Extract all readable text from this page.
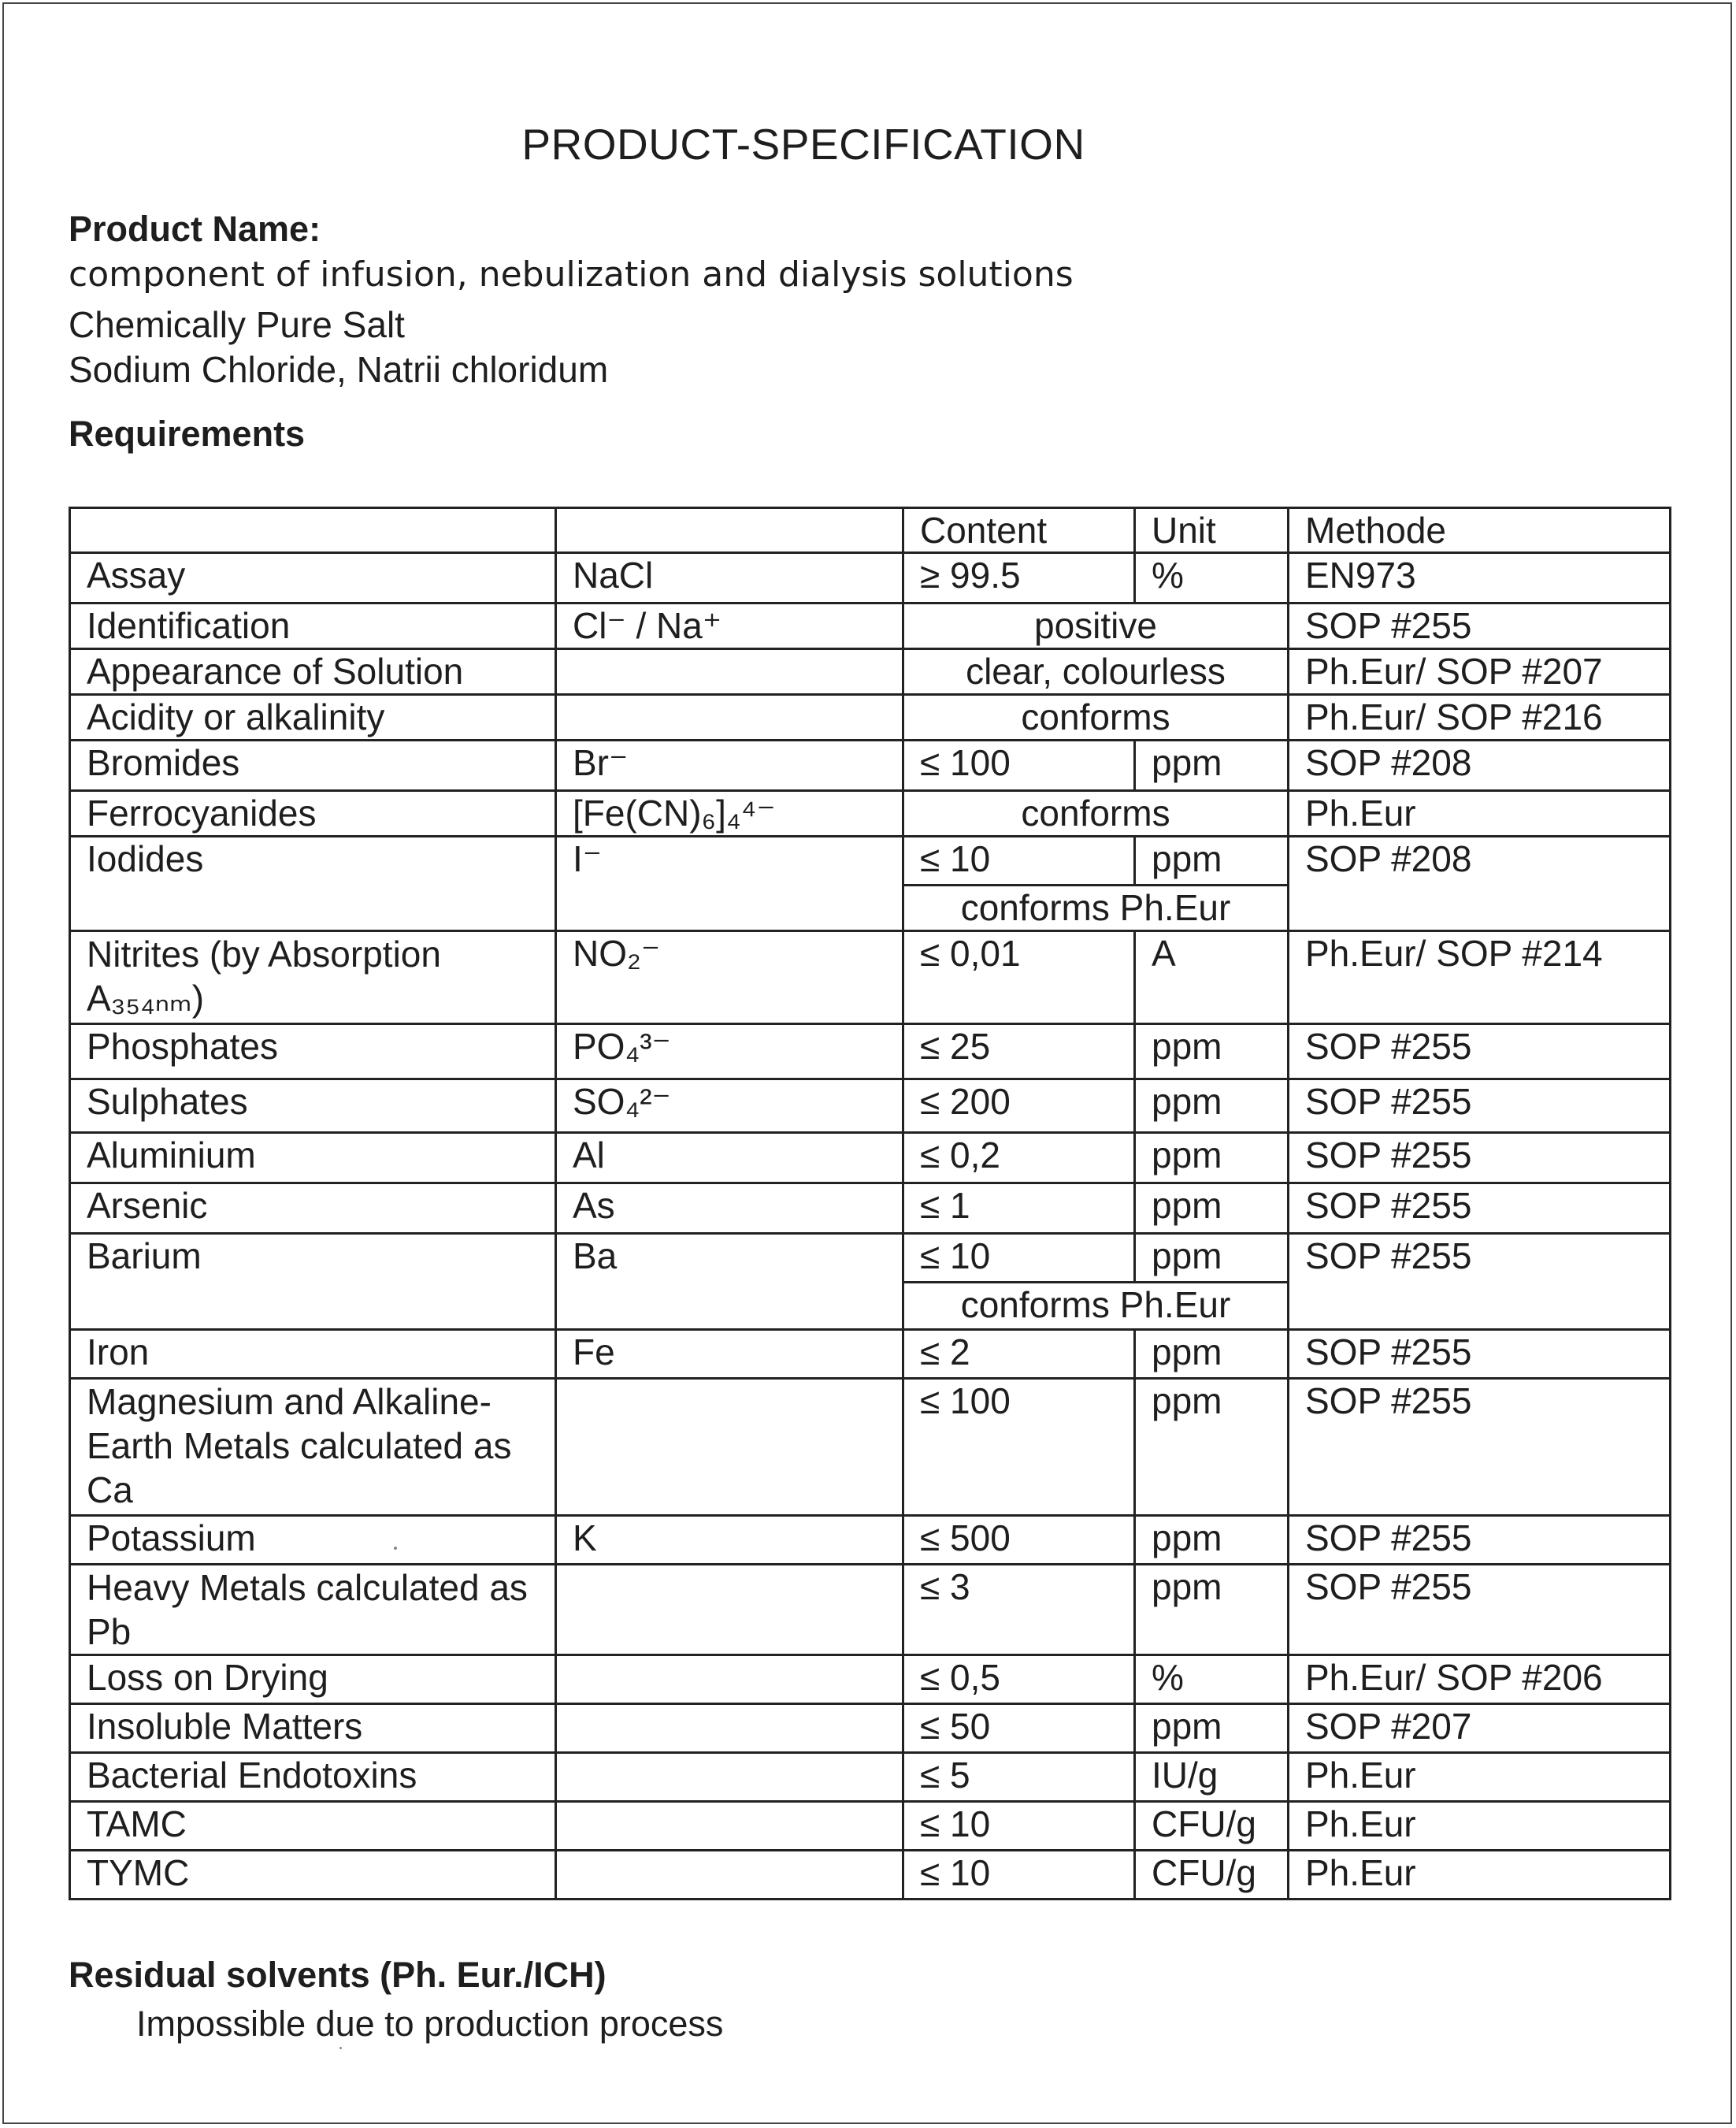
PRODUCT-SPECIFICATION
Product Name:
component of infusion, nebulization and dialysis solutions
Chemically Pure Salt
Sodium Chloride, Natrii chloridum
Requirements
		Content	Unit	Methode
Assay	NaCl	≥ 99.5	%	EN973
Identification	Cl⁻ / Na⁺	positive		SOP #255
Appearance of Solution		clear, colourless		Ph.Eur/ SOP #207
Acidity or alkalinity		conforms		Ph.Eur/ SOP #216
Bromides	Br⁻	≤ 100	ppm	SOP #208
Ferrocyanides	[Fe(CN)₆]₄⁴⁻	conforms		Ph.Eur
Iodides	I⁻	≤ 10	ppm	SOP #208
		conforms Ph.Eur		
Nitrites (by Absorption A₃₅₄ₙₘ)	NO₂⁻	≤ 0,01	A	Ph.Eur/ SOP #214
Phosphates	PO₄³⁻	≤ 25	ppm	SOP #255
Sulphates	SO₄²⁻	≤ 200	ppm	SOP #255
Aluminium	Al	≤ 0,2	ppm	SOP #255
Arsenic	As	≤ 1	ppm	SOP #255
Barium	Ba	≤ 10	ppm	SOP #255
		conforms Ph.Eur		
Iron	Fe	≤ 2	ppm	SOP #255
Magnesium and Alkaline-Earth Metals calculated as Ca		≤ 100	ppm	SOP #255
Potassium	K	≤ 500	ppm	SOP #255
Heavy Metals calculated as Pb		≤ 3	ppm	SOP #255
Loss on Drying		≤ 0,5	%	Ph.Eur/ SOP #206
Insoluble Matters		≤ 50	ppm	SOP #207
Bacterial Endotoxins		≤ 5	IU/g	Ph.Eur
TAMC		≤ 10	CFU/g	Ph.Eur
TYMC		≤ 10	CFU/g	Ph.Eur
Residual solvents (Ph. Eur./ICH)
Impossible due to production process
